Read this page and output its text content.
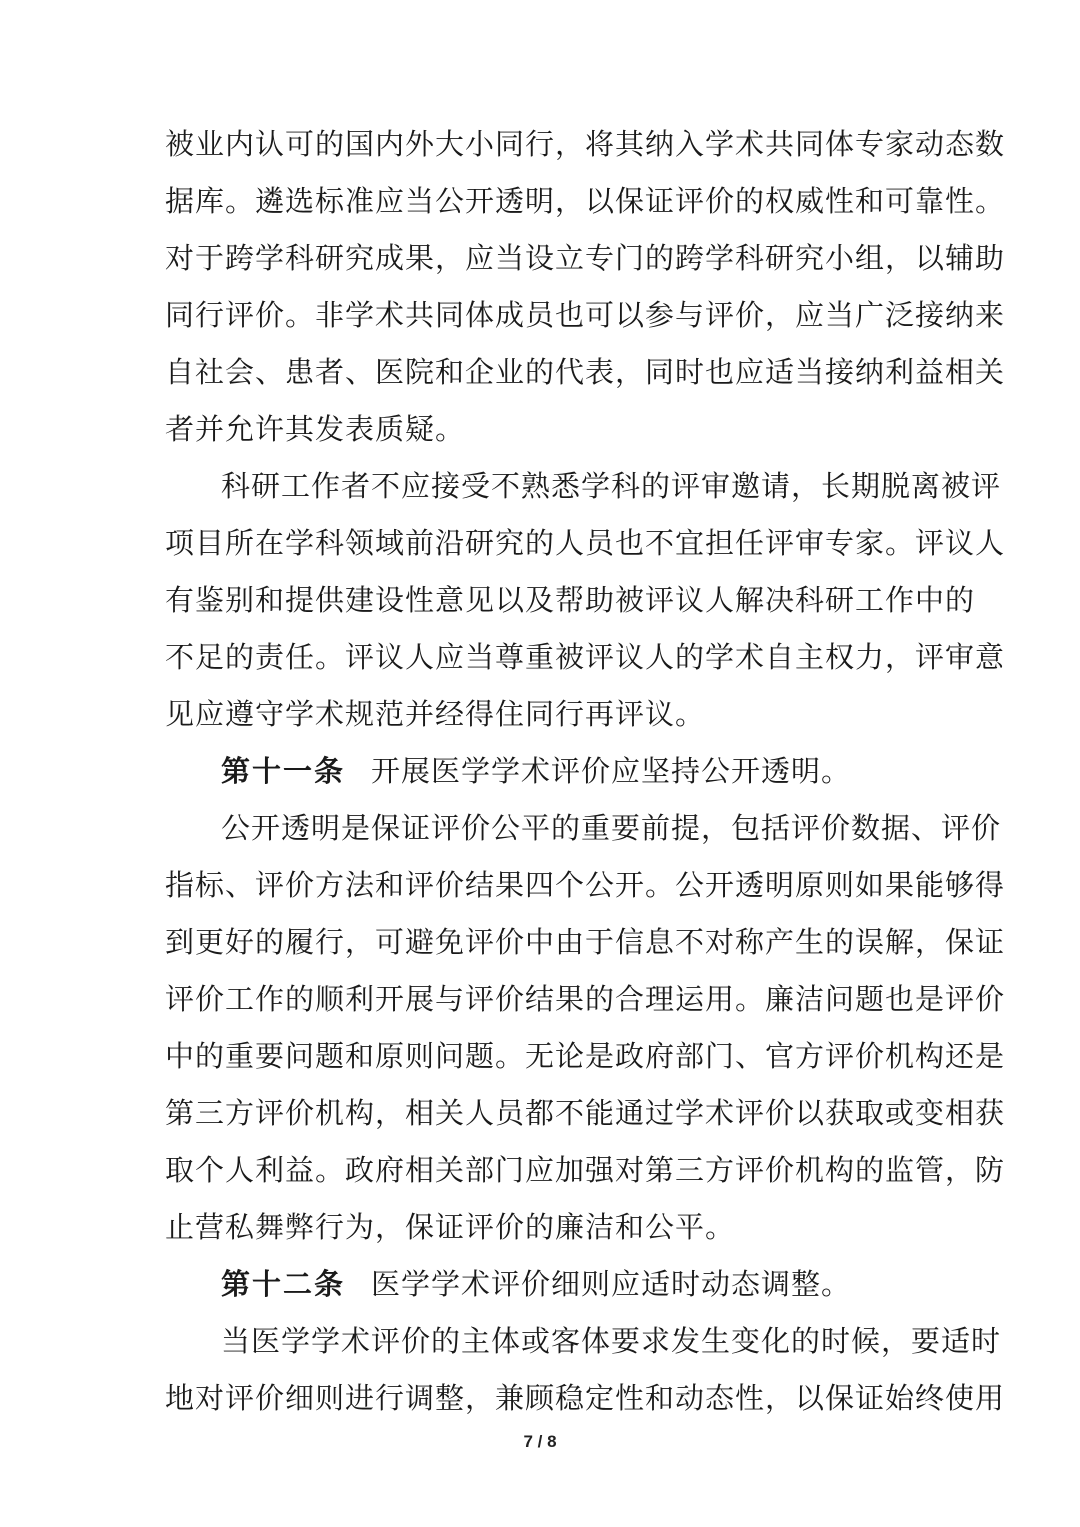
被业内认可的国内外大小同行，将其纳入学术共同体专家动态数
据库。遴选标准应当公开透明，以保证评价的权威性和可靠性。
对于跨学科研究成果，应当设立专门的跨学科研究小组，以辅助
同行评价。非学术共同体成员也可以参与评价，应当广泛接纳来
自社会、患者、医院和企业的代表，同时也应适当接纳利益相关
者并允许其发表质疑。
科研工作者不应接受不熟悉学科的评审邀请，长期脱离被评
项目所在学科领域前沿研究的人员也不宜担任评审专家。评议人
有鉴别和提供建设性意见以及帮助被评议人解决科研工作中的
不足的责任。评议人应当尊重被评议人的学术自主权力，评审意
见应遵守学术规范并经得住同行再评议。
第十一条 开展医学学术评价应坚持公开透明。
公开透明是保证评价公平的重要前提，包括评价数据、评价
指标、评价方法和评价结果四个公开。公开透明原则如果能够得
到更好的履行，可避免评价中由于信息不对称产生的误解，保证
评价工作的顺利开展与评价结果的合理运用。廉洁问题也是评价
中的重要问题和原则问题。无论是政府部门、官方评价机构还是
第三方评价机构，相关人员都不能通过学术评价以获取或变相获
取个人利益。政府相关部门应加强对第三方评价机构的监管，防
止营私舞弊行为，保证评价的廉洁和公平。
第十二条 医学学术评价细则应适时动态调整。
当医学学术评价的主体或客体要求发生变化的时候，要适时
地对评价细则进行调整，兼顾稳定性和动态性，以保证始终使用
7 / 8
